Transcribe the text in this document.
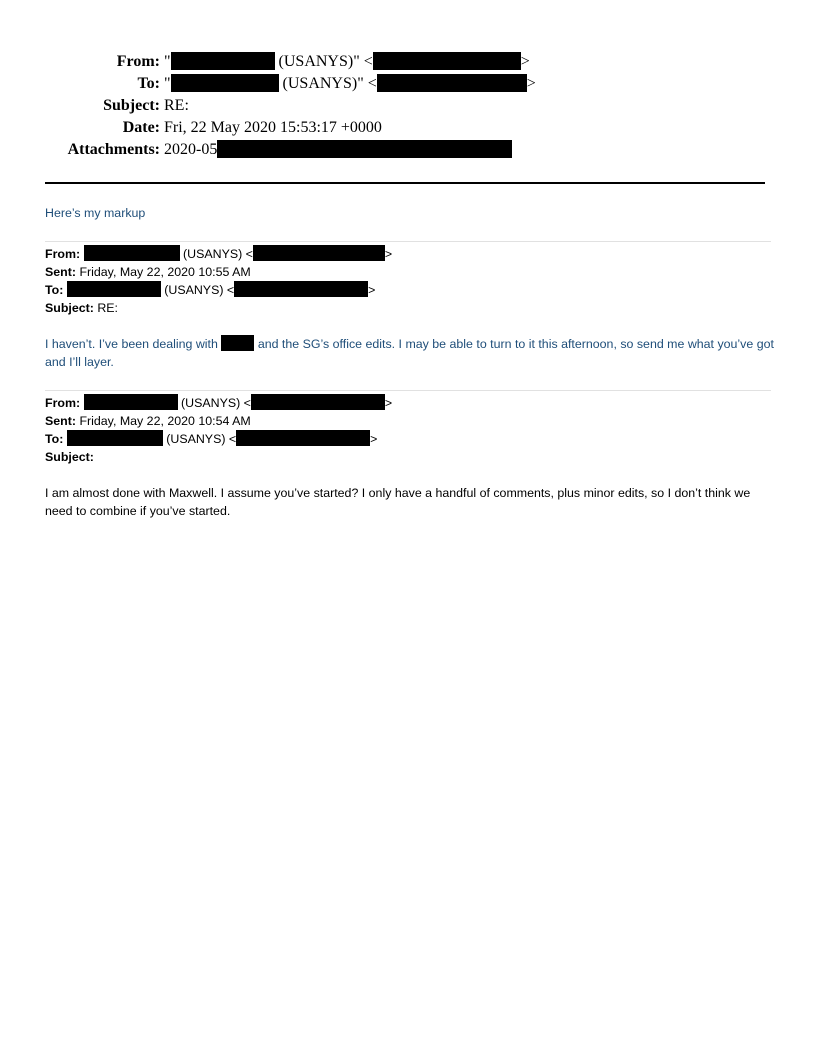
From: "	(USANYS)" <	>
To: "	(USANYS)" <	>
Subject: RE:
Date: Fri, 22 May 2020 15:53:17 +0000
Attachments: 2020-05
Here’s my markup
From:	(USANYS) <	>
Sent: Friday, May 22, 2020 10:55 AM
To:	(USANYS) <	>
Subject: RE:
I haven’t. I’ve been dealing with	and the SG’s office edits. I may be able to turn to it this afternoon, so send me what you’ve got and I’ll layer.
From:	(USANYS) <	>
Sent: Friday, May 22, 2020 10:54 AM
To:	(USANYS) <	>
Subject:
I am almost done with Maxwell. I assume you’ve started? I only have a handful of comments, plus minor edits, so I don’t think we need to combine if you’ve started.
